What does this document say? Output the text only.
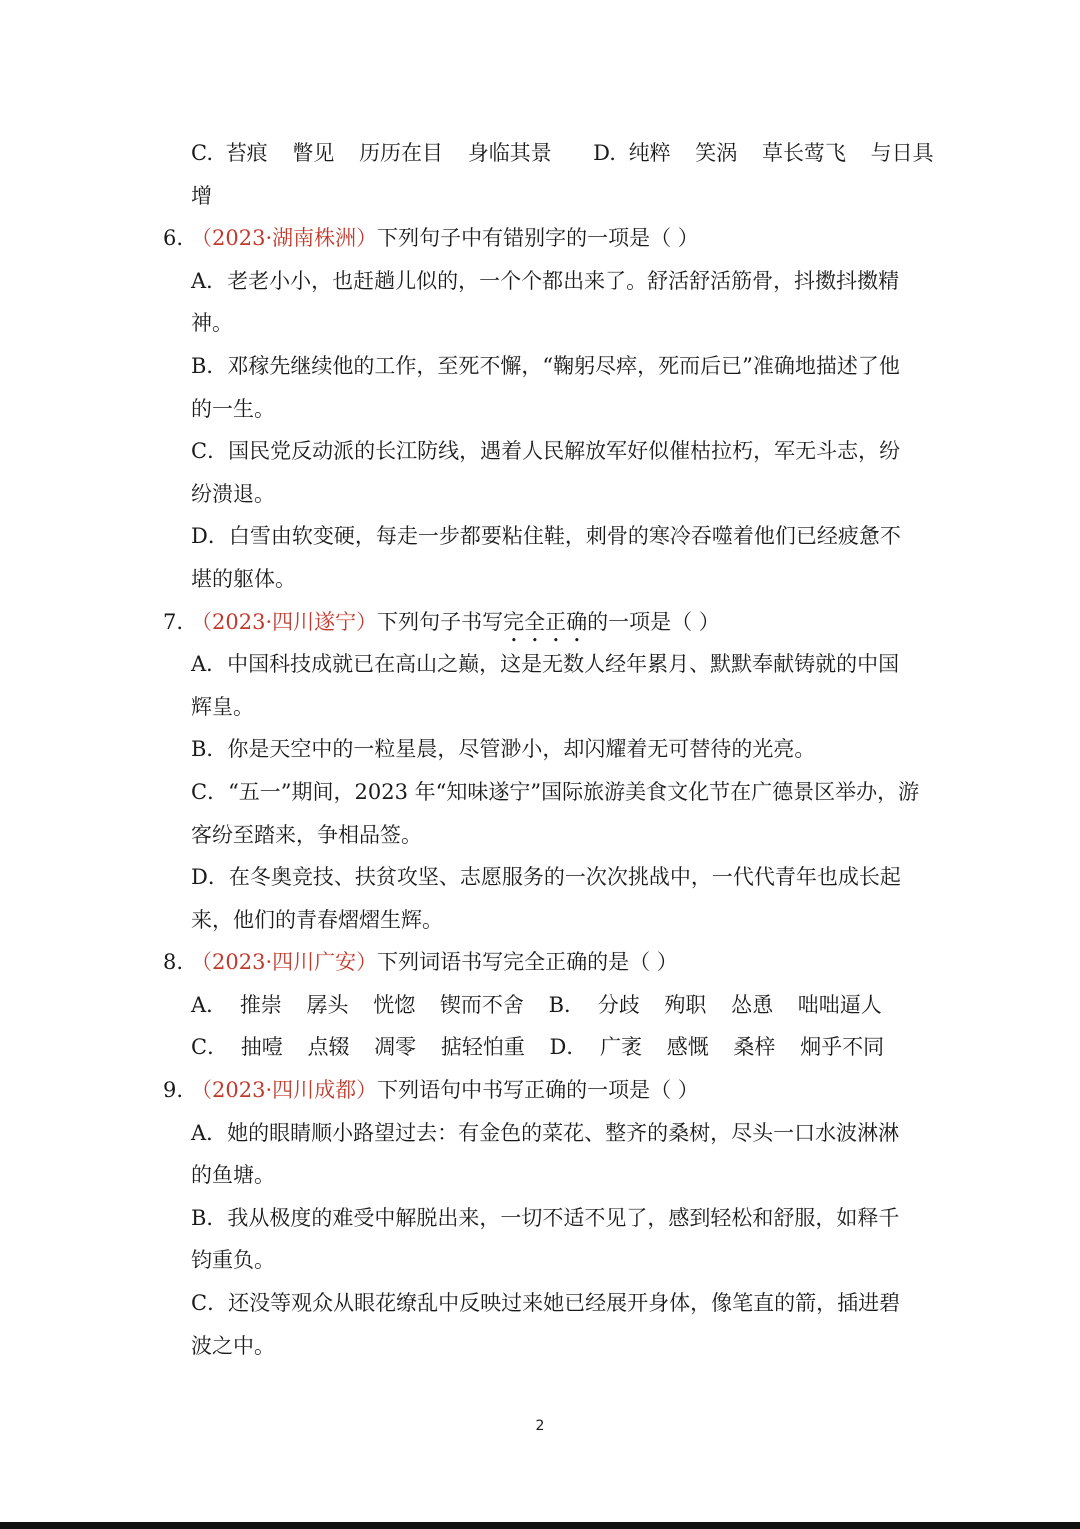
C. 苔痕 瞥见 历历在目 身临其景 D. 纯粹 笑涡 草长莺飞 与日具
增
6. （2023·湖南株洲）下列句子中有错别字的一项是（ ）
A．老老小小，也赶趟儿似的，一个个都出来了。舒活舒活筋骨，抖擞抖擞精
神。
B．邓稼先继续他的工作，至死不懈，“鞠躬尽瘁，死而后已”准确地描述了他
的一生。
C．国民党反动派的长江防线，遇着人民解放军好似催枯拉朽，军无斗志，纷
纷溃退。
D．白雪由软变硬，每走一步都要粘住鞋，刺骨的寒冷吞噬着他们已经疲惫不
堪的躯体。
7. （2023·四川遂宁）下列句子书写完全正确的一项是（ ）
A．中国科技成就已在高山之巅，这是无数人经年累月、默默奉献铸就的中国
辉皇。
B．你是天空中的一粒星晨，尽管渺小，却闪耀着无可替待的光亮。
C．“五一”期间，2023 年“知味遂宁”国际旅游美食文化节在广德景区举办，游
客纷至踏来，争相品签。
D．在冬奥竞技、扶贫攻坚、志愿服务的一次次挑战中，一代代青年也成长起
来，他们的青春熠熠生辉。
8. （2023·四川广安）下列词语书写完全正确的是（ ）
A． 推崇 孱头 恍惚 锲而不舍 B． 分歧 殉职 怂恿 咄咄逼人
C． 抽噎 点辍 凋零 掂轻怕重 D． 广袤 感慨 桑梓 炯乎不同
9. （2023·四川成都）下列语句中书写正确的一项是（ ）
A．她的眼睛顺小路望过去：有金色的菜花、整齐的桑树，尽头一口水波淋淋
的鱼塘。
B．我从极度的难受中解脱出来，一切不适不见了，感到轻松和舒服，如释千
钧重负。
C．还没等观众从眼花缭乱中反映过来她已经展开身体，像笔直的箭，插进碧
波之中。
2
